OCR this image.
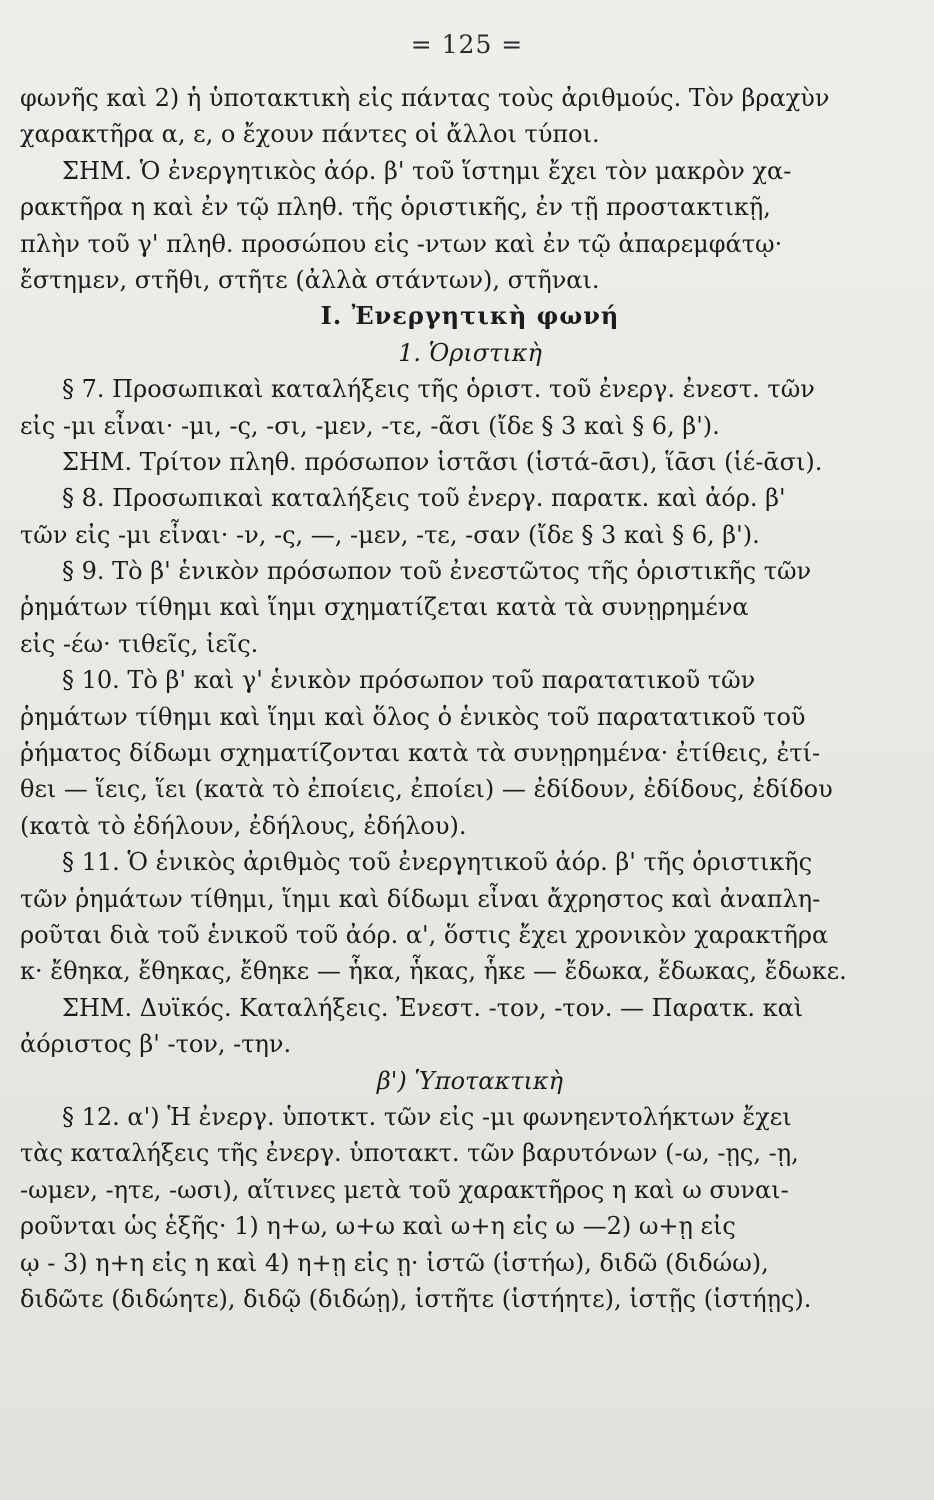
= 125 =
φωνῆς καὶ 2) ἡ ὑποτακτικὴ εἰς πάντας τοὺς ἀριθμούς. Τὸν βραχὺν
χαρακτῆρα α, ε, ο ἔχουν πάντες οἱ ἄλλοι τύποι.
ΣΗΜ. Ὁ ἐνεργητικὸς ἀόρ. β' τοῦ ἵστημι ἔχει τὸν μακρὸν χα-
ρακτῆρα η καὶ ἐν τῷ πληθ. τῆς ὁριστικῆς, ἐν τῇ προστακτικῇ,
πλὴν τοῦ γ' πληθ. προσώπου εἰς -ντων καὶ ἐν τῷ ἀπαρεμφάτῳ·
ἔστημεν, στῆθι, στῆτε (ἀλλὰ στάντων), στῆναι.
I. Ἐνεργητικὴ φωνή
1. Ὁριστικὴ
§ 7. Προσωπικαὶ καταλήξεις τῆς ὁριστ. τοῦ ἐνεργ. ἐνεστ. τῶν
εἰς -μι εἶναι· -μι, -ς, -σι, -μεν, -τε, -ᾶσι (ἴδε § 3 καὶ § 6, β').
ΣΗΜ. Τρίτον πληθ. πρόσωπον ἱστᾶσι (ἱστά-ᾱσι), ἵᾱσι (ἱέ-ᾱσι).
§ 8. Προσωπικαὶ καταλήξεις τοῦ ἐνεργ. παρατκ. καὶ ἀόρ. β'
τῶν εἰς -μι εἶναι· -ν, -ς, —, -μεν, -τε, -σαν (ἴδε § 3 καὶ § 6, β').
§ 9. Τὸ β' ἑνικὸν πρόσωπον τοῦ ἐνεστῶτος τῆς ὁριστικῆς τῶν
ῥημάτων τίθημι καὶ ἵημι σχηματίζεται κατὰ τὰ συνῃρημένα
εἰς -έω· τιθεῖς, ἱεῖς.
§ 10. Τὸ β' καὶ γ' ἑνικὸν πρόσωπον τοῦ παρατατικοῦ τῶν
ῥημάτων τίθημι καὶ ἵημι καὶ ὅλος ὁ ἑνικὸς τοῦ παρατατικοῦ τοῦ
ῥήματος δίδωμι σχηματίζονται κατὰ τὰ συνῃρημένα· ἐτίθεις, ἐτί-
θει — ἵεις, ἵει (κατὰ τὸ ἐποίεις, ἐποίει) — ἐδίδουν, ἐδίδους, ἐδίδου
(κατὰ τὸ ἐδήλουν, ἐδήλους, ἐδήλου).
§ 11. Ὁ ἑνικὸς ἀριθμὸς τοῦ ἐνεργητικοῦ ἀόρ. β' τῆς ὁριστικῆς
τῶν ῥημάτων τίθημι, ἵημι καὶ δίδωμι εἶναι ἄχρηστος καὶ ἀναπλη-
ροῦται διὰ τοῦ ἑνικοῦ τοῦ ἀόρ. α', ὅστις ἔχει χρονικὸν χαρακτῆρα
κ· ἔθηκα, ἔθηκας, ἔθηκε — ἧκα, ἧκας, ἧκε — ἔδωκα, ἔδωκας, ἔδωκε.
ΣΗΜ. Δυϊκός. Καταλήξεις. Ἐνεστ. -τον, -τον. — Παρατκ. καὶ
ἀόριστος β' -τον, -την.
β') Ὑποτακτικὴ
§ 12. α') Ἡ ἐνεργ. ὑποτκτ. τῶν εἰς -μι φωνηεντολήκτων ἔχει
τὰς καταλήξεις τῆς ἐνεργ. ὑποτακτ. τῶν βαρυτόνων (-ω, -ῃς, -ῃ,
-ωμεν, -ητε, -ωσι), αἵτινες μετὰ τοῦ χαρακτῆρος η καὶ ω συναι-
ροῦνται ὡς ἑξῆς· 1) η+ω, ω+ω καὶ ω+η εἰς ω —2) ω+ῃ εἰς
ῳ - 3) η+η εἰς η καὶ 4) η+ῃ εἰς ῃ· ἱστῶ (ἱστήω), διδῶ (διδώω),
διδῶτε (διδώητε), διδῷ (διδώῃ), ἱστῆτε (ἱστήητε), ἱστῇς (ἱστήῃς).
